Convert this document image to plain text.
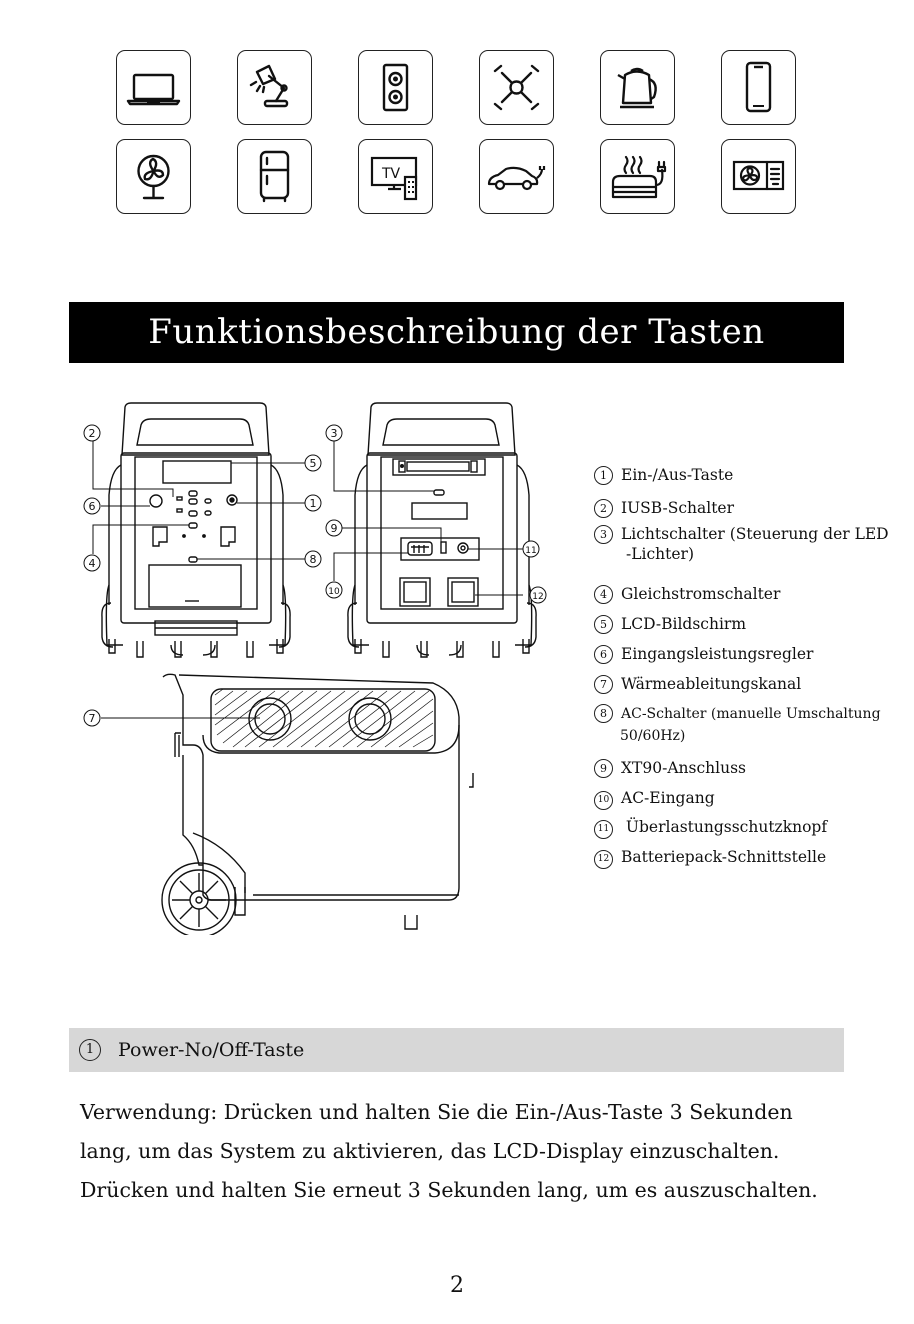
TV
Funktionsbeschreibung der Tasten
2
6
4
5
1
8
3
9
10
11
12
7
1 Ein-/Aus-Taste
2 IUSB-Schalter
3 Lichtschalter (Steuerung der LED
-Lichter)
4 Gleichstromschalter
5 LCD-Bildschirm
6 Eingangsleistungsregler
7 Wärmeableitungskanal
8 AC-Schalter (manuelle Umschaltung
50/60Hz)
9 XT90-Anschluss
10 AC-Eingang
11 Überlastungsschutzknopf
12 Batteriepack-Schnittstelle
1	Power-No/Off-Taste

Verwendung: Drücken und halten Sie die Ein-/Aus-Taste 3 Sekunden

lang, um das System zu aktivieren, das LCD-Display einzuschalten.

Drücken und halten Sie erneut 3 Sekunden lang, um es auszuschalten.

2
